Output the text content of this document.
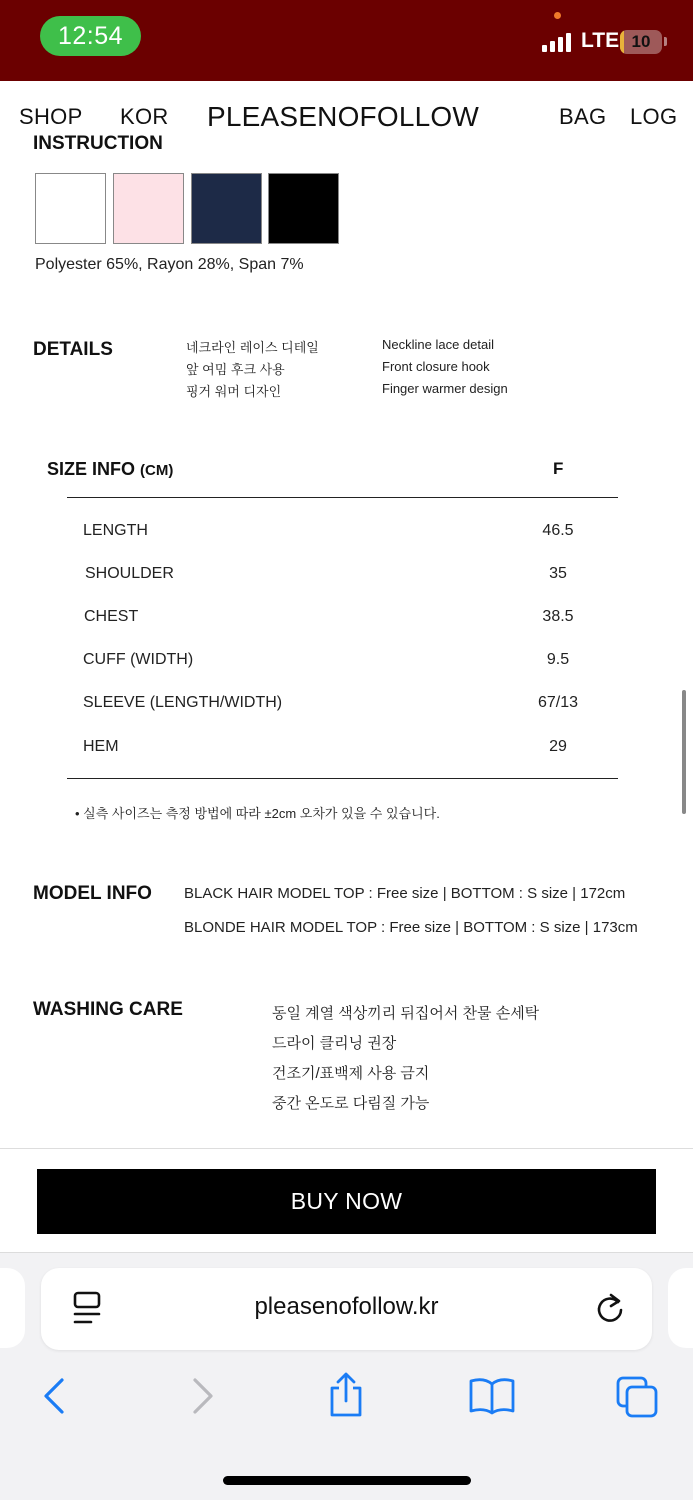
12:54	LTE 10
SHOP KOR PLEASENOFOLLOW	BAG LOG
INSTRUCTION
Polyester 65%, Rayon 28%, Span 7%
DETAILS	네크라인 레이스 디테일
앞 여밈 후크 사용
핑거 워머 디자인
Neckline lace detail
Front closure hook
Finger warmer design
SIZE INFO (CM)	F
LENGTH	46.5
SHOULDER	35
CHEST	38.5
CUFF (WIDTH)	9.5
SLEEVE (LENGTH/WIDTH)	67/13
HEM	29
• 실측 사이즈는 측정 방법에 따라 ±2cm 오차가 있을 수 있습니다.
MODEL INFO BLACK HAIR MODEL TOP : Free size | BOTTOM : S size | 172cm
BLONDE HAIR MODEL TOP : Free size | BOTTOM : S size | 173cm
WASHING CARE	동일 계열 색상끼리 뒤집어서 찬물 손세탁
드라이 클리닝 권장
건조기/표백제 사용 금지
중간 온도로 다림질 가능
BUY NOW
pleasenofollow.kr
